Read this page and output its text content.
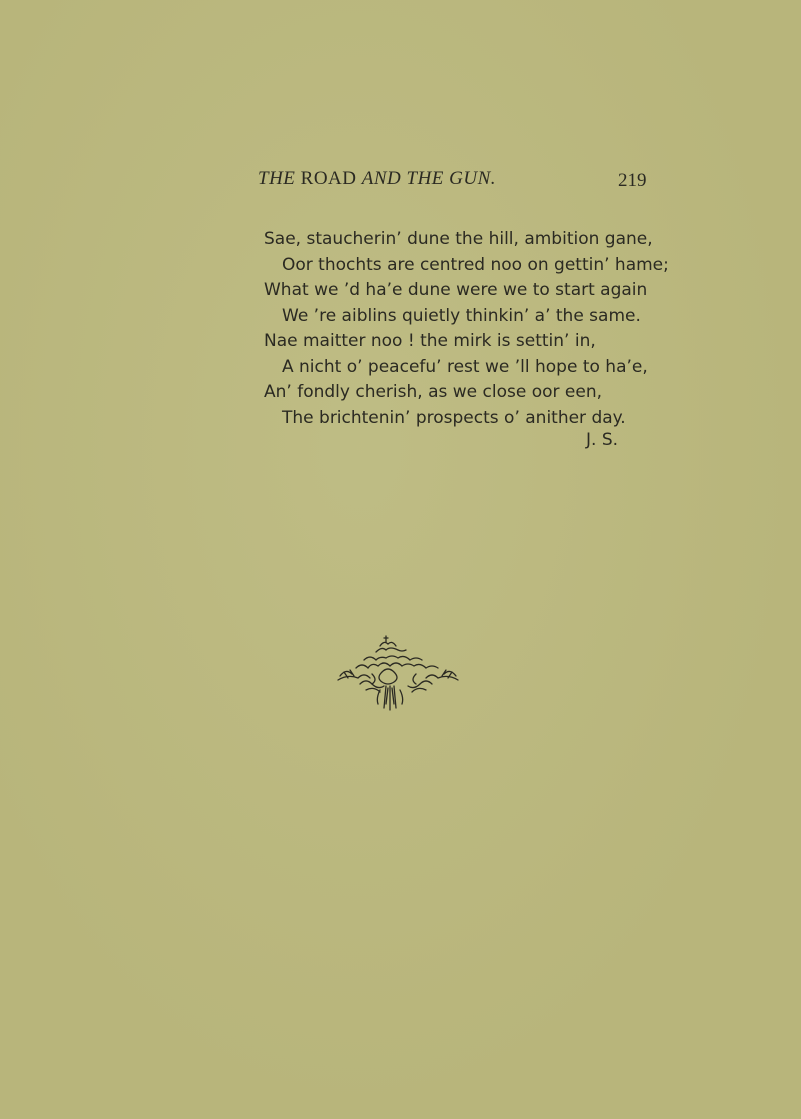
THE ROAD AND THE GUN.	219
Sae, staucherin’ dune the hill, ambition gane,
Oor thochts are centred noo on gettin’ hame;
What we ’d ha’e dune were we to start again
We ’re aiblins quietly thinkin’ a’ the same.
Nae maitter noo ! the mirk is settin’ in,
A nicht o’ peacefu’ rest we ’ll hope to ha’e,
An’ fondly cherish, as we close oor een,
The brichtenin’ prospects o’ anither day.
J. S.
